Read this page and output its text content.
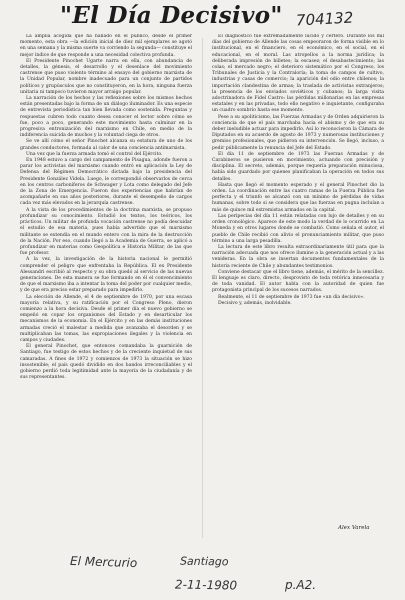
"El Día Decisivo" 704132

La amplia acogida que ha hallado en el público, desde el primer momento, esta obra —la edición inicial de diez mil ejemplares se agotó en una semana y la misma suerte va corriendo la segunda— constituye el mejor índice de que responde a una necesidad colectiva profunda.

El Presidente Pinochet Ugarte narra en ella, con abundancia de detalles, la génesis, el desarrollo y el desenlace del movimiento castrense que puso violento término al ensayo del gobierno marxista de la Unidad Popular, nombre inadecuado para un conjunto de partidos políticos y grupúsculos que no constituyeron, en la hora, ninguna fuerza unitaria ni tampoco tuvieron mayor arraigo popular.

La narración de los hechos y las reflexiones sobre los mismos hechos están presentadas bajo la forma de un diálogo iluminador. Es una especie de entrevista periodística tan bien llevada como sostenida. Preguntas y respuestas cubren todo cuanto desea conocer el lector sobre cómo se fue, poco a poco, generando este movimiento hasta culminar en la progresiva entronización del marxismo en Chile, en medio de la indiferencia suicida de muchos y la voluntad ciega de otros.

Se ve allí cómo el señor Pinochet alcanza su estatura de uno de los grandes conductores, formada al calor de una conciencia antimarxista.

Una vez que la fuerza armada tomó el control del Ejército.

En 1948 estuvo a cargo del campamento de Pisagua, adonde fueron a parar los activistas del marxismo cuando entró en aplicación la Ley de Defensa del Régimen Democrático dictada bajo la presidencia del Presidente González Videla. Luego, le correspondió observarlos de cerca en los centros carboníferos de Schwager y Lota como delegado del Jefe de la Zona de Emergencia. Fueron dos experiencias que habrían de acompañarle en sus años posteriores, durante el desempeño de cargos cada vez más elevados en la jerarquía castrense.

A la vista de los procedimientos de la doctrina marxista, se propuso profundizar su conocimiento. Estudió los textos, los teóricos, los prácticos. Un militar de profunda vocación castrense no podía descuidar el estudio de esa materia, pues había advertido que el marxismo militante se extendía en el mundo entero con la mira de la destrucción de la Nación. Por eso, cuando llegó a la Academia de Guerra, se aplicó a profundizar en materias como Geopolítica e Historia Militar, de las que fue profesor.

A la vez, la investigación de la historia nacional le permitió comprender el peligro que enfrentaba la República. El ex Presidente Alessandri escribió al respecto y su obra quedó al servicio de las nuevas generaciones. De esta manera se fue formando en él el convencimiento de que el marxismo iba a intentar la toma del poder por cualquier medio, y de que era preciso estar preparado para impedirlo.

La elección de Allende, el 4 de septiembre de 1970, por una escasa mayoría relativa, y su ratificación por el Congreso Pleno, dieron comienzo a la hora decisiva. Desde el primer día el nuevo gobierno se empeñó en copar los organismos del Estado y en desarticular los mecanismos de la economía. En el Ejército y en las demás instituciones armadas creció el malestar a medida que avanzaba el desorden y se multiplicaban las tomas, las expropiaciones ilegales y la violencia en campos y ciudades.

El general Pinochet, que entonces comandaba la guarnición de Santiago, fue testigo de estos hechos y de la creciente inquietud de sus camaradas. A fines de 1972 y comienzos de 1973 la situación se hizo insostenible; el país quedó dividido en dos bandos irreconciliables y el gobierno perdió toda legitimidad ante la mayoría de la ciudadanía y de sus representantes.

El diagnóstico fue extremadamente lúcido y certero. Durante los mil días del gobierno de Allende las cosas empeoraron de forma visible en lo institucional, en el financiero, en el económico, en el social, en el educacional, en el moral. Las atropellos a la norma jurídica; la deliberada impresión de billetes; la escasez; el desabastecimiento; las colas; el mercado negro; el deterioro sistemático por el Congreso, los Tribunales de Justicia y la Contraloría; la toma de campos de cultivo, industrias y casas de comercio; la aparición del odio entre chilenos; la importación clandestina de armas; la traslada de activistas extranjeros; la presencia de los enviados soviéticos y cubanos; la larga visita adoctrinadora de Fidel Castro: las pérdidas millonarias en las empresas estatales y en las privadas, todo ello negativo e inquietante, configuraba un cuadro sombrío hasta ese momento.

Pese a su apoliticismo, las Fuerzas Armadas y de Orden adquirieron la conciencia de que el país marchaba hacia el abismo y de que era su deber ineludible actuar para impedirlo. Así lo reconocieron la Cámara de Diputados en su acuerdo de agosto de 1973 y numerosas instituciones y gremios profesionales, que pidieron su intervención. Se llegó, incluso, a pedir públicamente la renuncia del Jefe del Estado.

El día 11 de septiembre de 1973 las Fuerzas Armadas y de Carabineros se pusieron en movimiento, actuando con precisión y disciplina. El secreto, además, porque requería preparación minuciosa, había sido guardado por quienes planificaban la operación en todos sus detalles.

Hasta que llegó el momento esperado y el general Pinochet dio la orden. La coordinación entre las cuatro ramas de la Fuerza Pública fue perfecta y el triunfo se alcanzó con un mínimo de pérdidas de vidas humanas, sobre todo si se considera que las fuerzas en pugna incluían a más de quince mil extremistas armados en la capital.

Las peripecias del día 11 están relatadas con lujo de detalles y en su orden cronológico. Aparece de este modo la verdad de lo ocurrido en La Moneda y en otros lugares donde se combatió. Como señala el autor, el pueblo de Chile recibió con alivio el pronunciamiento militar, que puso término a una larga pesadilla.

La lectura de este libro resulta extraordinariamente útil para que la narración adecuada que nos ofrece ilumine a la generación actual y a las venideras. En la obra se insertan documentos fundamentales de la historia reciente de Chile y abundantes testimonios.

Conviene destacar que el libro tiene, además, el mérito de la sencillez. El lenguaje es claro, directo, desprovisto de toda retórica innecesaria y de toda vanidad. El autor habla con la autoridad de quien fue protagonista principal de los sucesos narrados.

Realmente, el 11 de septiembre de 1973 fue «un día decisivo».

Decisivo y, además, inolvidable.

Alex Varela
El Mercurio	Santiago
2-11-1980	p.A2.
